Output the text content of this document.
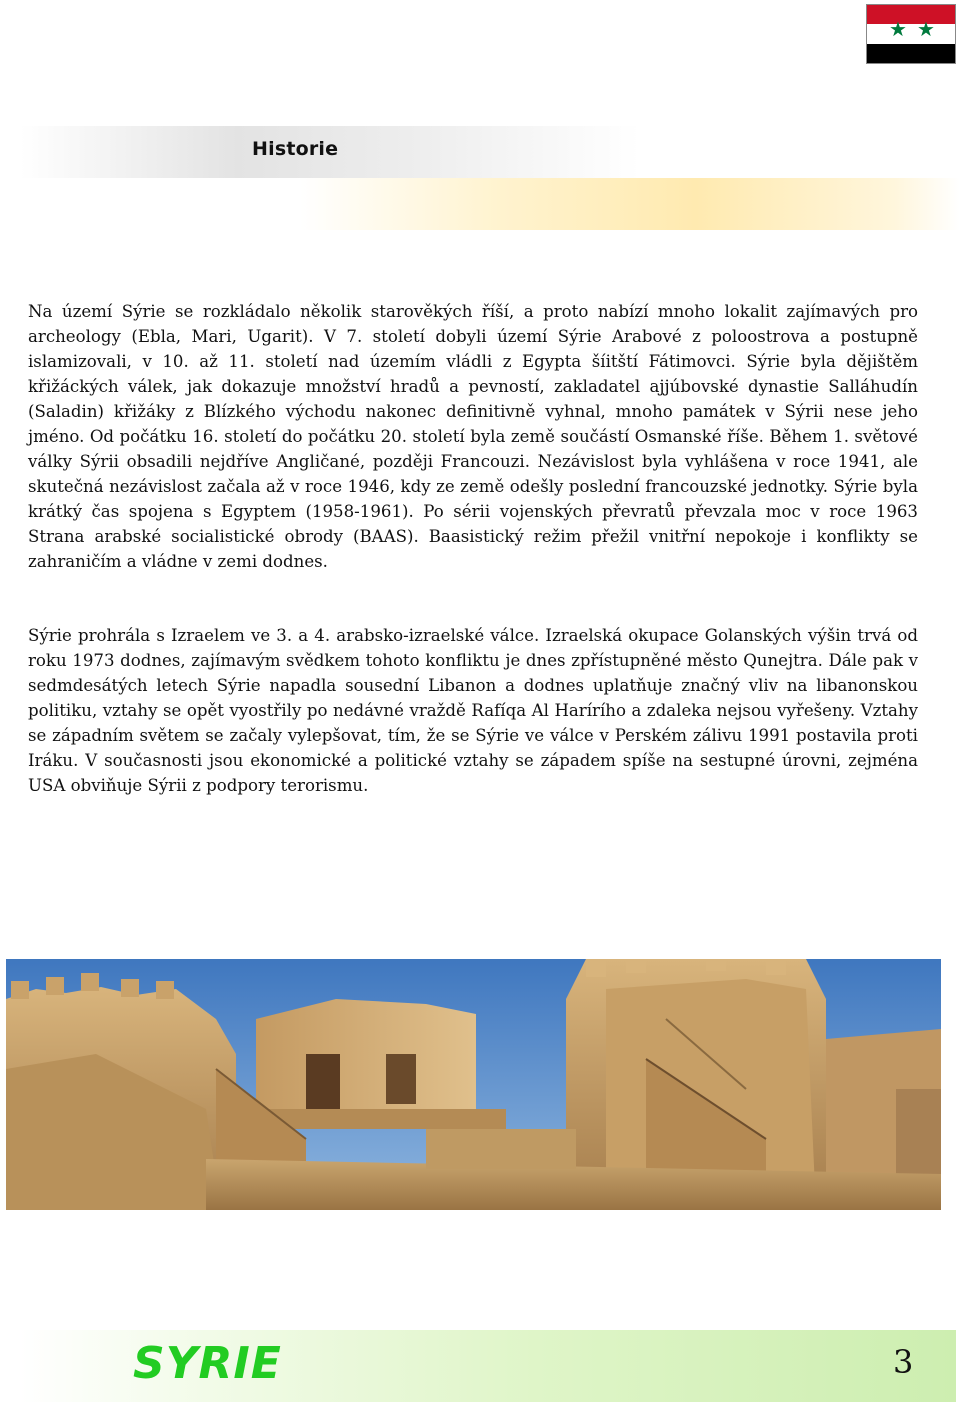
★ ★
Historie

Na území Sýrie se rozkládalo několik starověkých říší, a proto nabízí mnoho lokalit zajímavých pro archeology (Ebla, Mari, Ugarit). V 7. století dobyli území Sýrie Arabové z poloostrova a postupně islamizovali, v 10. až 11. století nad územím vládli z Egypta šíitští Fátimovci. Sýrie byla dějištěm křižáckých válek, jak dokazuje množství hradů a pevností, zakladatel ajjúbovské dynastie Salláhudín (Saladin) křižáky z Blízkého východu nakonec definitivně vyhnal, mnoho památek v Sýrii nese jeho jméno. Od počátku 16. století do počátku 20. století byla země součástí Osmanské říše. Během 1. světové války Sýrii obsadili nejdříve Angličané, později Francouzi. Nezávislost byla vyhlášena v roce 1941, ale skutečná nezávislost začala až v roce 1946, kdy ze země odešly poslední francouzské jednotky. Sýrie byla krátký čas spojena s Egyptem (1958-1961). Po sérii vojenských převratů převzala moc v roce 1963 Strana arabské socialistické obrody (BAAS). Baasistický režim přežil vnitřní nepokoje i konflikty se zahraničím a vládne v zemi dodnes.

Sýrie prohrála s Izraelem ve 3. a 4. arabsko-izraelské válce. Izraelská okupace Golanských výšin trvá od roku 1973 dodnes, zajímavým svědkem tohoto konfliktu je dnes zpřístupněné město Qunejtra. Dále pak v sedmdesátých letech Sýrie napadla sousední Libanon a dodnes uplatňuje značný vliv na libanonskou politiku, vztahy se opět vyostřily po nedávné vraždě Rafíqa Al Harírího a zdaleka nejsou vyřešeny. Vztahy se západním světem se začaly vylepšovat, tím, že se Sýrie ve válce v Perském zálivu 1991 postavila proti Iráku. V současnosti jsou ekonomické a politické vztahy se západem spíše na sestupné úrovni, zejména USA obviňuje Sýrii z podpory terorismu.

SYRIE	3
